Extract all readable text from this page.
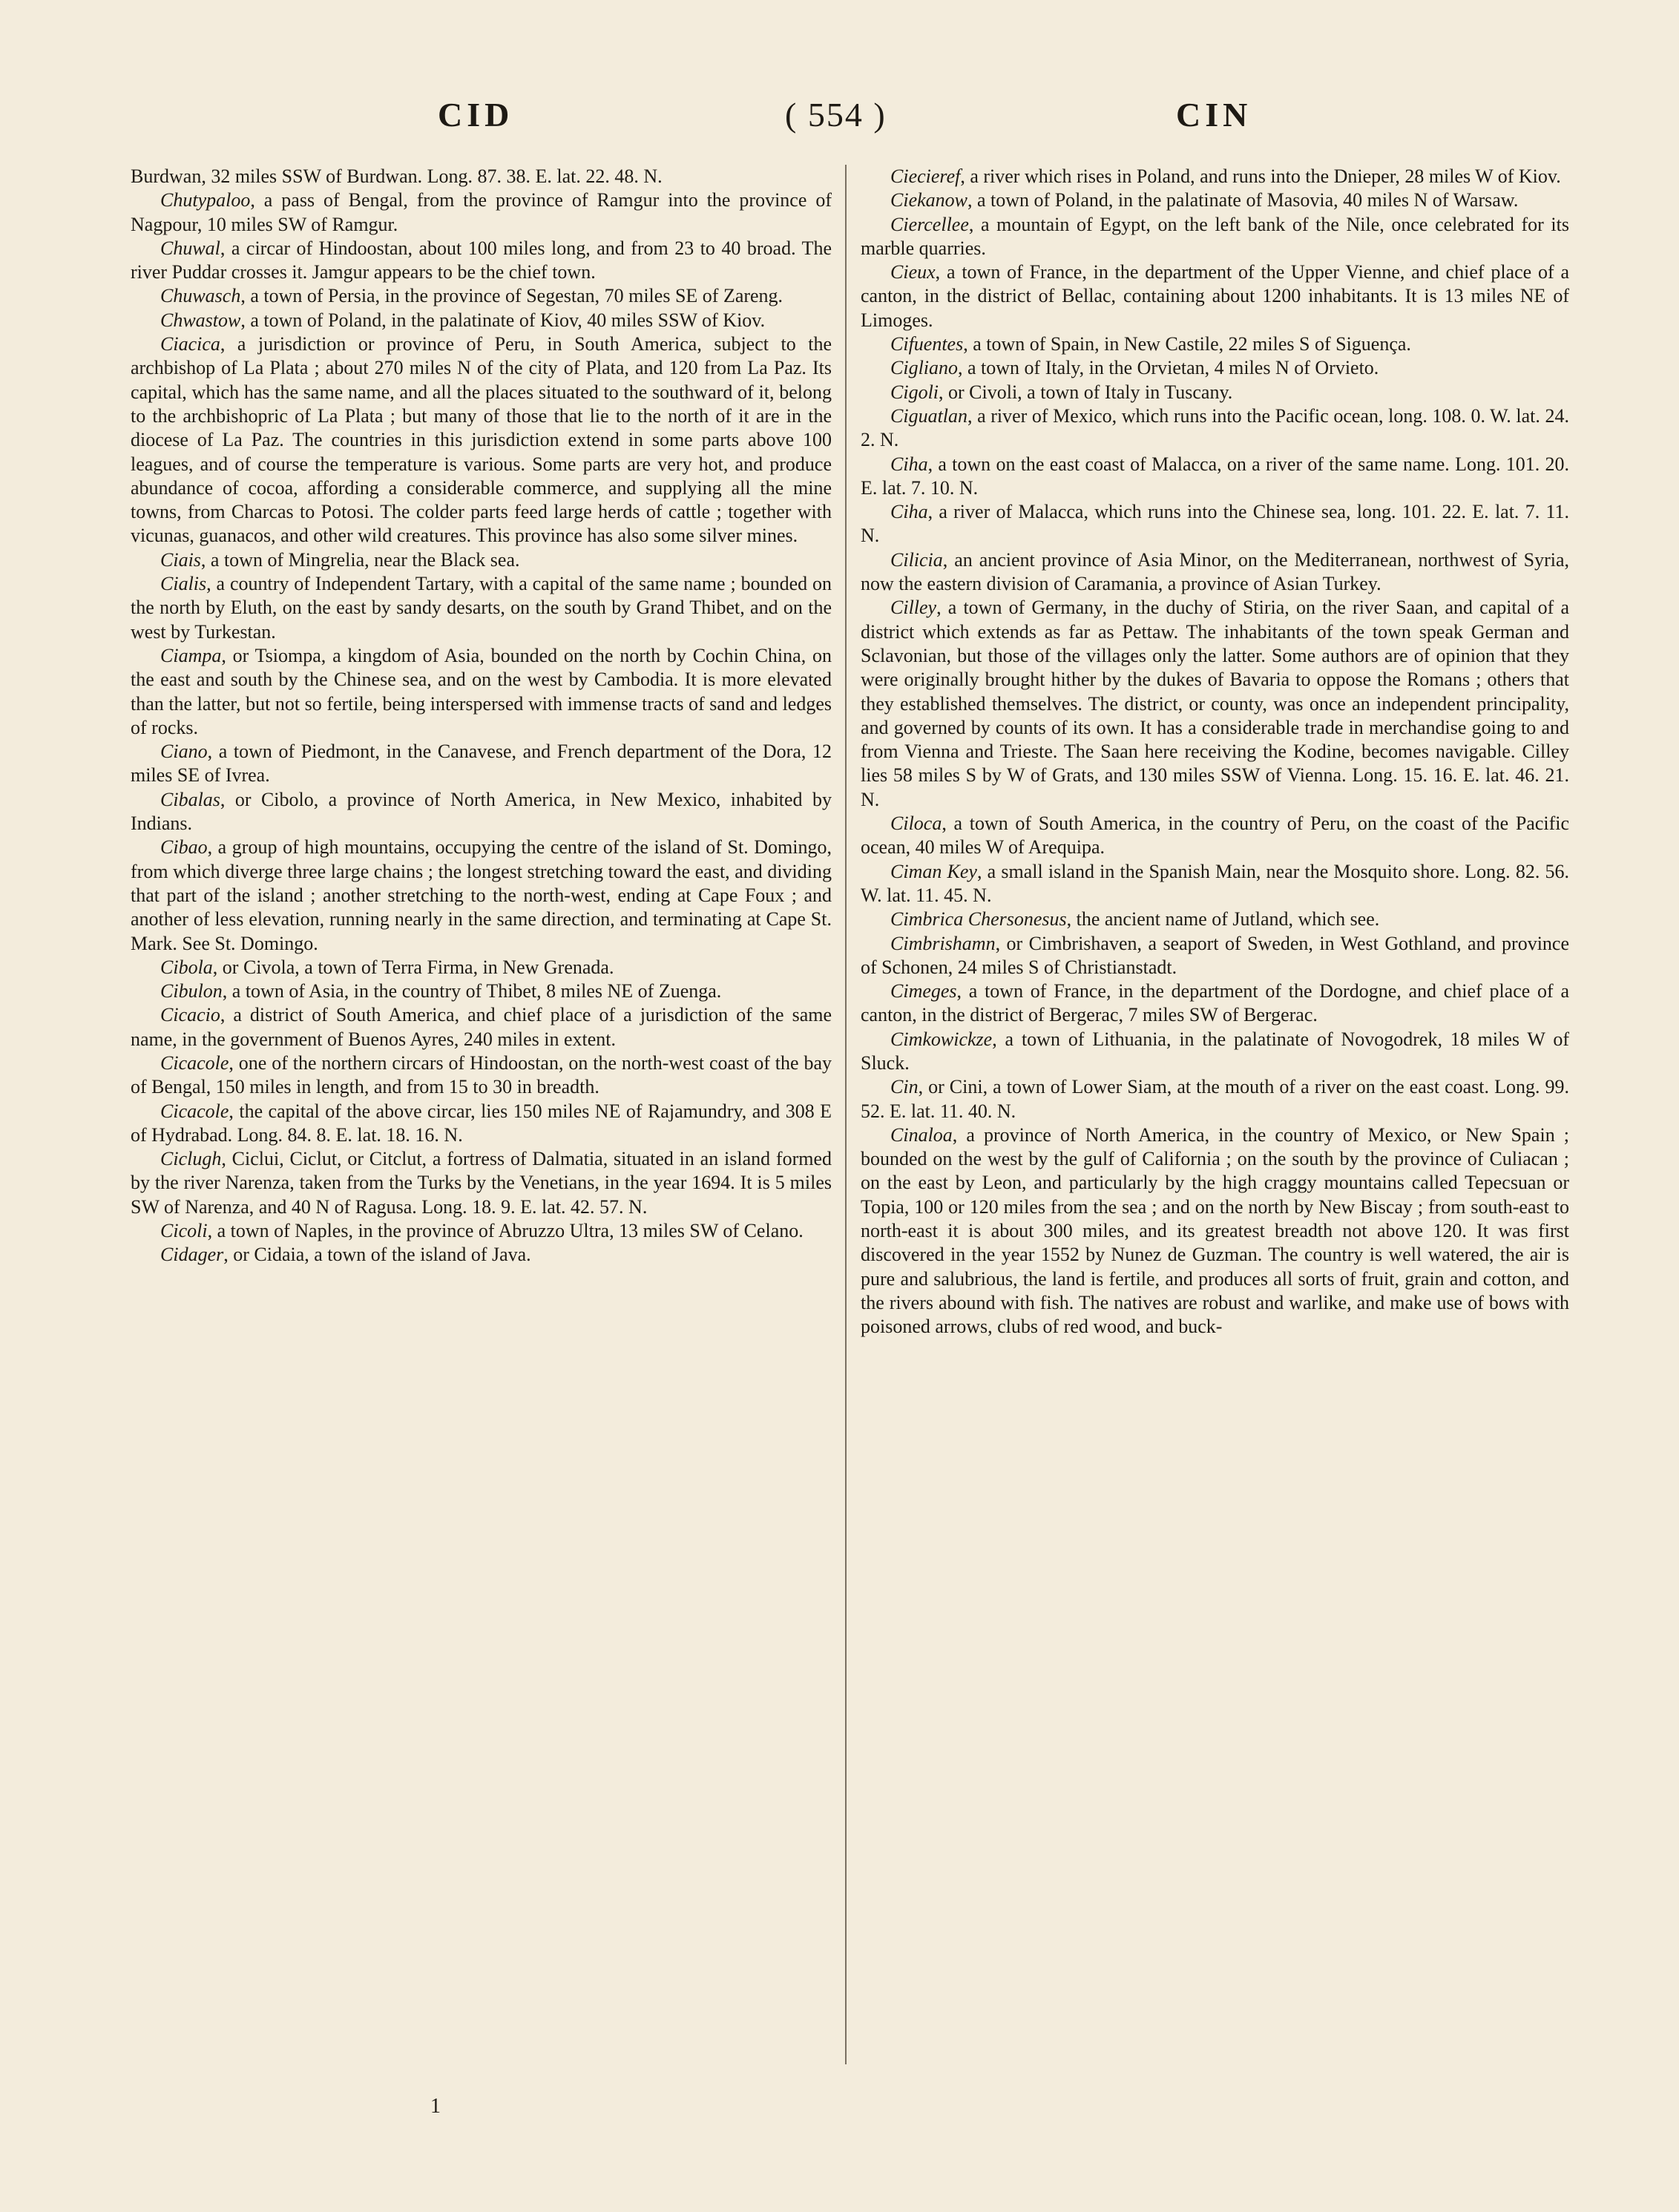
CID	( 554 )	CIN

Burdwan, 32 miles SSW of Burdwan. Long. 87. 38. E. lat. 22. 48. N.

Chutypaloo, a pass of Bengal, from the province of Ramgur into the province of Nagpour, 10 miles SW of Ramgur.

Chuwal, a circar of Hindoostan, about 100 miles long, and from 23 to 40 broad. The river Puddar crosses it. Jamgur appears to be the chief town.

Chuwasch, a town of Persia, in the province of Segestan, 70 miles SE of Zareng.

Chwastow, a town of Poland, in the palatinate of Kiov, 40 miles SSW of Kiov.

Ciacica, a jurisdiction or province of Peru, in South America, subject to the archbishop of La Plata ; about 270 miles N of the city of Plata, and 120 from La Paz. Its capital, which has the same name, and all the places situated to the southward of it, belong to the archbishopric of La Plata ; but many of those that lie to the north of it are in the diocese of La Paz. The countries in this jurisdiction extend in some parts above 100 leagues, and of course the temperature is various. Some parts are very hot, and produce abundance of cocoa, affording a considerable commerce, and supplying all the mine towns, from Charcas to Potosi. The colder parts feed large herds of cattle ; together with vicunas, guanacos, and other wild creatures. This province has also some silver mines.

Ciais, a town of Mingrelia, near the Black sea.

Cialis, a country of Independent Tartary, with a capital of the same name ; bounded on the north by Eluth, on the east by sandy desarts, on the south by Grand Thibet, and on the west by Turkestan.

Ciampa, or Tsiompa, a kingdom of Asia, bounded on the north by Cochin China, on the east and south by the Chinese sea, and on the west by Cambodia. It is more elevated than the latter, but not so fertile, being interspersed with immense tracts of sand and ledges of rocks.

Ciano, a town of Piedmont, in the Canavese, and French department of the Dora, 12 miles SE of Ivrea.

Cibalas, or Cibolo, a province of North America, in New Mexico, inhabited by Indians.

Cibao, a group of high mountains, occupying the centre of the island of St. Domingo, from which diverge three large chains ; the longest stretching toward the east, and dividing that part of the island ; another stretching to the north-west, ending at Cape Foux ; and another of less elevation, running nearly in the same direction, and terminating at Cape St. Mark. See St. Domingo.

Cibola, or Civola, a town of Terra Firma, in New Grenada.

Cibulon, a town of Asia, in the country of Thibet, 8 miles NE of Zuenga.

Cicacio, a district of South America, and chief place of a jurisdiction of the same name, in the government of Buenos Ayres, 240 miles in extent.

Cicacole, one of the northern circars of Hindoostan, on the north-west coast of the bay of Bengal, 150 miles in length, and from 15 to 30 in breadth.

Cicacole, the capital of the above circar, lies 150 miles NE of Rajamundry, and 308 E of Hydrabad. Long. 84. 8. E. lat. 18. 16. N.

Ciclugh, Ciclui, Ciclut, or Citclut, a fortress of Dalmatia, situated in an island formed by the river Narenza, taken from the Turks by the Venetians, in the year 1694. It is 5 miles SW of Narenza, and 40 N of Ragusa. Long. 18. 9. E. lat. 42. 57. N.

Cicoli, a town of Naples, in the province of Abruzzo Ultra, 13 miles SW of Celano.

Cidager, or Cidaia, a town of the island of Java.

Ciecieref, a river which rises in Poland, and runs into the Dnieper, 28 miles W of Kiov.

Ciekanow, a town of Poland, in the palatinate of Masovia, 40 miles N of Warsaw.

Ciercellee, a mountain of Egypt, on the left bank of the Nile, once celebrated for its marble quarries.

Cieux, a town of France, in the department of the Upper Vienne, and chief place of a canton, in the district of Bellac, containing about 1200 inhabitants. It is 13 miles NE of Limoges.

Cifuentes, a town of Spain, in New Castile, 22 miles S of Siguença.

Cigliano, a town of Italy, in the Orvietan, 4 miles N of Orvieto.

Cigoli, or Civoli, a town of Italy in Tuscany.

Ciguatlan, a river of Mexico, which runs into the Pacific ocean, long. 108. 0. W. lat. 24. 2. N.

Ciha, a town on the east coast of Malacca, on a river of the same name. Long. 101. 20. E. lat. 7. 10. N.

Ciha, a river of Malacca, which runs into the Chinese sea, long. 101. 22. E. lat. 7. 11. N.

Cilicia, an ancient province of Asia Minor, on the Mediterranean, northwest of Syria, now the eastern division of Caramania, a province of Asian Turkey.

Cilley, a town of Germany, in the duchy of Stiria, on the river Saan, and capital of a district which extends as far as Pettaw. The inhabitants of the town speak German and Sclavonian, but those of the villages only the latter. Some authors are of opinion that they were originally brought hither by the dukes of Bavaria to oppose the Romans ; others that they established themselves. The district, or county, was once an independent principality, and governed by counts of its own. It has a considerable trade in merchandise going to and from Vienna and Trieste. The Saan here receiving the Kodine, becomes navigable. Cilley lies 58 miles S by W of Grats, and 130 miles SSW of Vienna. Long. 15. 16. E. lat. 46. 21. N.

Ciloca, a town of South America, in the country of Peru, on the coast of the Pacific ocean, 40 miles W of Arequipa.

Ciman Key, a small island in the Spanish Main, near the Mosquito shore. Long. 82. 56. W. lat. 11. 45. N.

Cimbrica Chersonesus, the ancient name of Jutland, which see.

Cimbrishamn, or Cimbrishaven, a seaport of Sweden, in West Gothland, and province of Schonen, 24 miles S of Christianstadt.

Cimeges, a town of France, in the department of the Dordogne, and chief place of a canton, in the district of Bergerac, 7 miles SW of Bergerac.

Cimkowickze, a town of Lithuania, in the palatinate of Novogodrek, 18 miles W of Sluck.

Cin, or Cini, a town of Lower Siam, at the mouth of a river on the east coast. Long. 99. 52. E. lat. 11. 40. N.

Cinaloa, a province of North America, in the country of Mexico, or New Spain ; bounded on the west by the gulf of California ; on the south by the province of Culiacan ; on the east by Leon, and particularly by the high craggy mountains called Tepecsuan or Topia, 100 or 120 miles from the sea ; and on the north by New Biscay ; from south-east to north-east it is about 300 miles, and its greatest breadth not above 120. It was first discovered in the year 1552 by Nunez de Guzman. The country is well watered, the air is pure and salubrious, the land is fertile, and produces all sorts of fruit, grain and cotton, and the rivers abound with fish. The natives are robust and warlike, and make use of bows with poisoned arrows, clubs of red wood, and buck-

1
